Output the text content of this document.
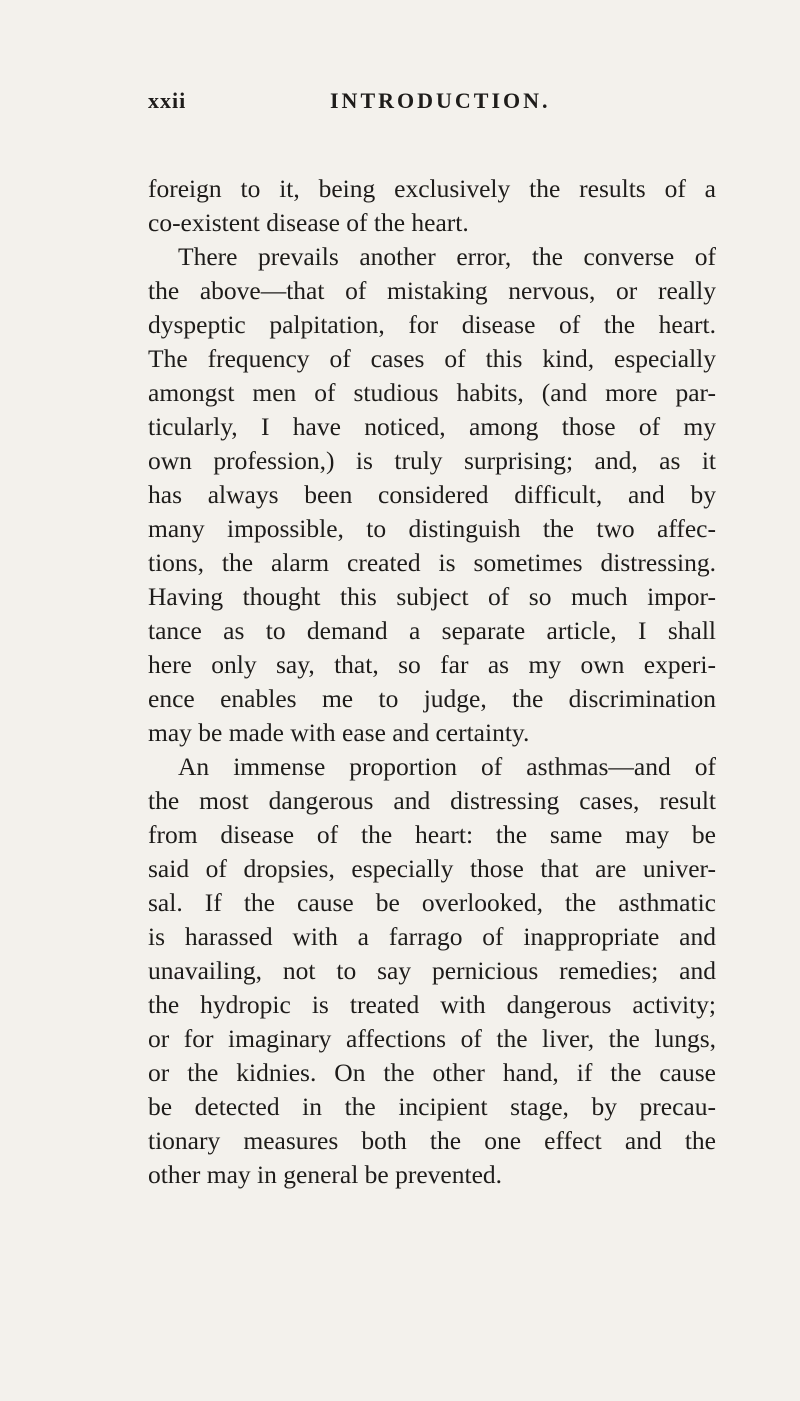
xxii	INTRODUCTION.
foreign to it, being exclusively the results of a
co-existent disease of the heart.
There prevails another error, the converse of
the above—that of mistaking nervous, or really
dyspeptic palpitation, for disease of the heart.
The frequency of cases of this kind, especially
amongst men of studious habits, (and more par-
ticularly, I have noticed, among those of my
own profession,) is truly surprising; and, as it
has always been considered difficult, and by
many impossible, to distinguish the two affec-
tions, the alarm created is sometimes distressing.
Having thought this subject of so much impor-
tance as to demand a separate article, I shall
here only say, that, so far as my own experi-
ence enables me to judge, the discrimination
may be made with ease and certainty.
An immense proportion of asthmas—and of
the most dangerous and distressing cases, result
from disease of the heart: the same may be
said of dropsies, especially those that are univer-
sal. If the cause be overlooked, the asthmatic
is harassed with a farrago of inappropriate and
unavailing, not to say pernicious remedies; and
the hydropic is treated with dangerous activity;
or for imaginary affections of the liver, the lungs,
or the kidnies. On the other hand, if the cause
be detected in the incipient stage, by precau-
tionary measures both the one effect and the
other may in general be prevented.
